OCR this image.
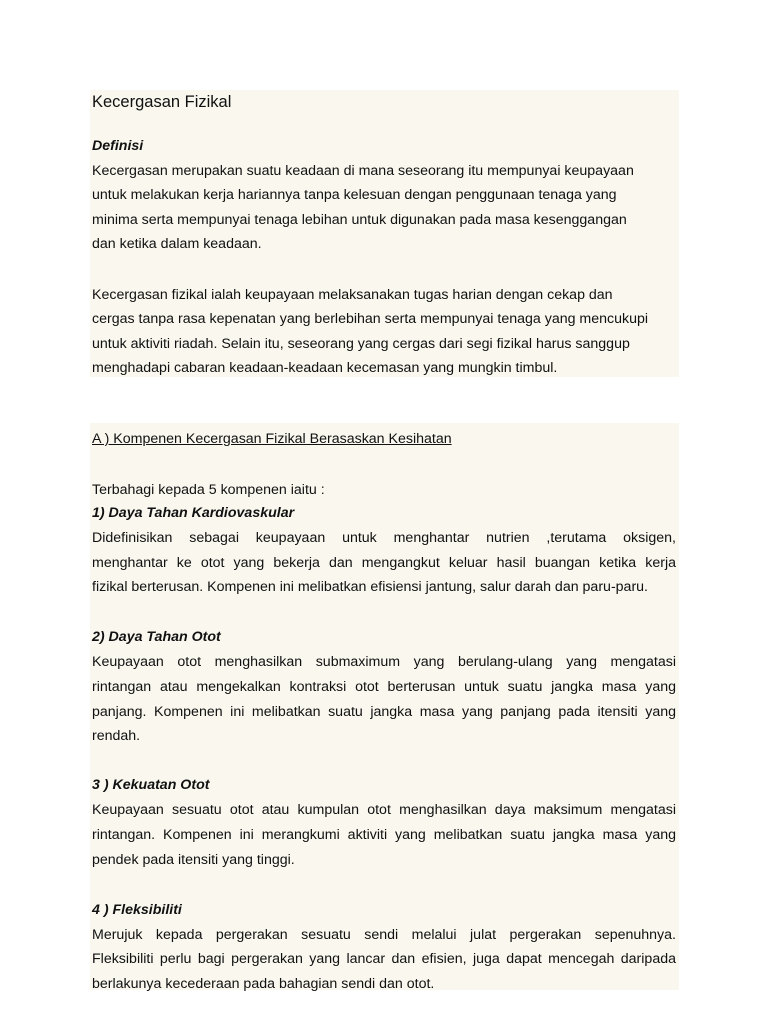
Kecergasan Fizikal

Definisi

Kecergasan merupakan suatu keadaan di mana seseorang itu mempunyai keupayaan

untuk melakukan kerja hariannya tanpa kelesuan dengan penggunaan tenaga yang

minima serta mempunyai tenaga lebihan untuk digunakan pada masa kesenggangan

dan ketika dalam keadaan.

Kecergasan fizikal ialah keupayaan melaksanakan tugas harian dengan cekap dan

cergas tanpa rasa kepenatan yang berlebihan serta mempunyai tenaga yang mencukupi

untuk aktiviti riadah. Selain itu, seseorang yang cergas dari segi fizikal harus sanggup

menghadapi cabaran keadaan-keadaan kecemasan yang mungkin timbul.

A ) Kompenen Kecergasan Fizikal Berasaskan Kesihatan

Terbahagi kepada 5 kompenen iaitu :

1) Daya Tahan Kardiovaskular

Didefinisikan sebagai keupayaan untuk menghantar nutrien ,terutama oksigen,

menghantar ke otot yang bekerja dan mengangkut keluar hasil buangan ketika kerja

fizikal berterusan. Kompenen ini melibatkan efisiensi jantung, salur darah dan paru-paru.

2) Daya Tahan Otot

Keupayaan otot menghasilkan submaximum yang berulang-ulang yang mengatasi

rintangan atau mengekalkan kontraksi otot berterusan untuk suatu jangka masa yang

panjang. Kompenen ini melibatkan suatu jangka masa yang panjang pada itensiti yang

rendah.

3 ) Kekuatan Otot

Keupayaan sesuatu otot atau kumpulan otot menghasilkan daya maksimum mengatasi

rintangan. Kompenen ini merangkumi aktiviti yang melibatkan suatu jangka masa yang

pendek pada itensiti yang tinggi.

4 ) Fleksibiliti

Merujuk kepada pergerakan sesuatu sendi melalui julat pergerakan sepenuhnya.

Fleksibiliti perlu bagi pergerakan yang lancar dan efisien, juga dapat mencegah daripada

berlakunya kecederaan pada bahagian sendi dan otot.
